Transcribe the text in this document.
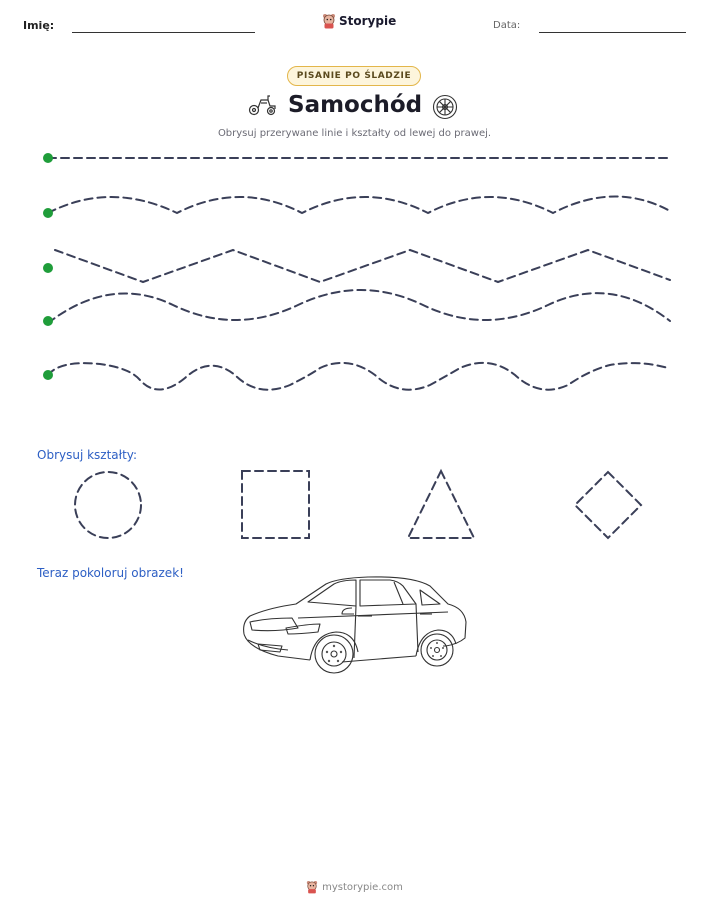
Imię:	Storypie	Data:
PISANIE PO ŚLADZIE
Samochód
Obrysuj przerywane linie i kształty od lewej do prawej.
Obrysuj kształty:
Teraz pokoloruj obrazek!
mystorypie.com
